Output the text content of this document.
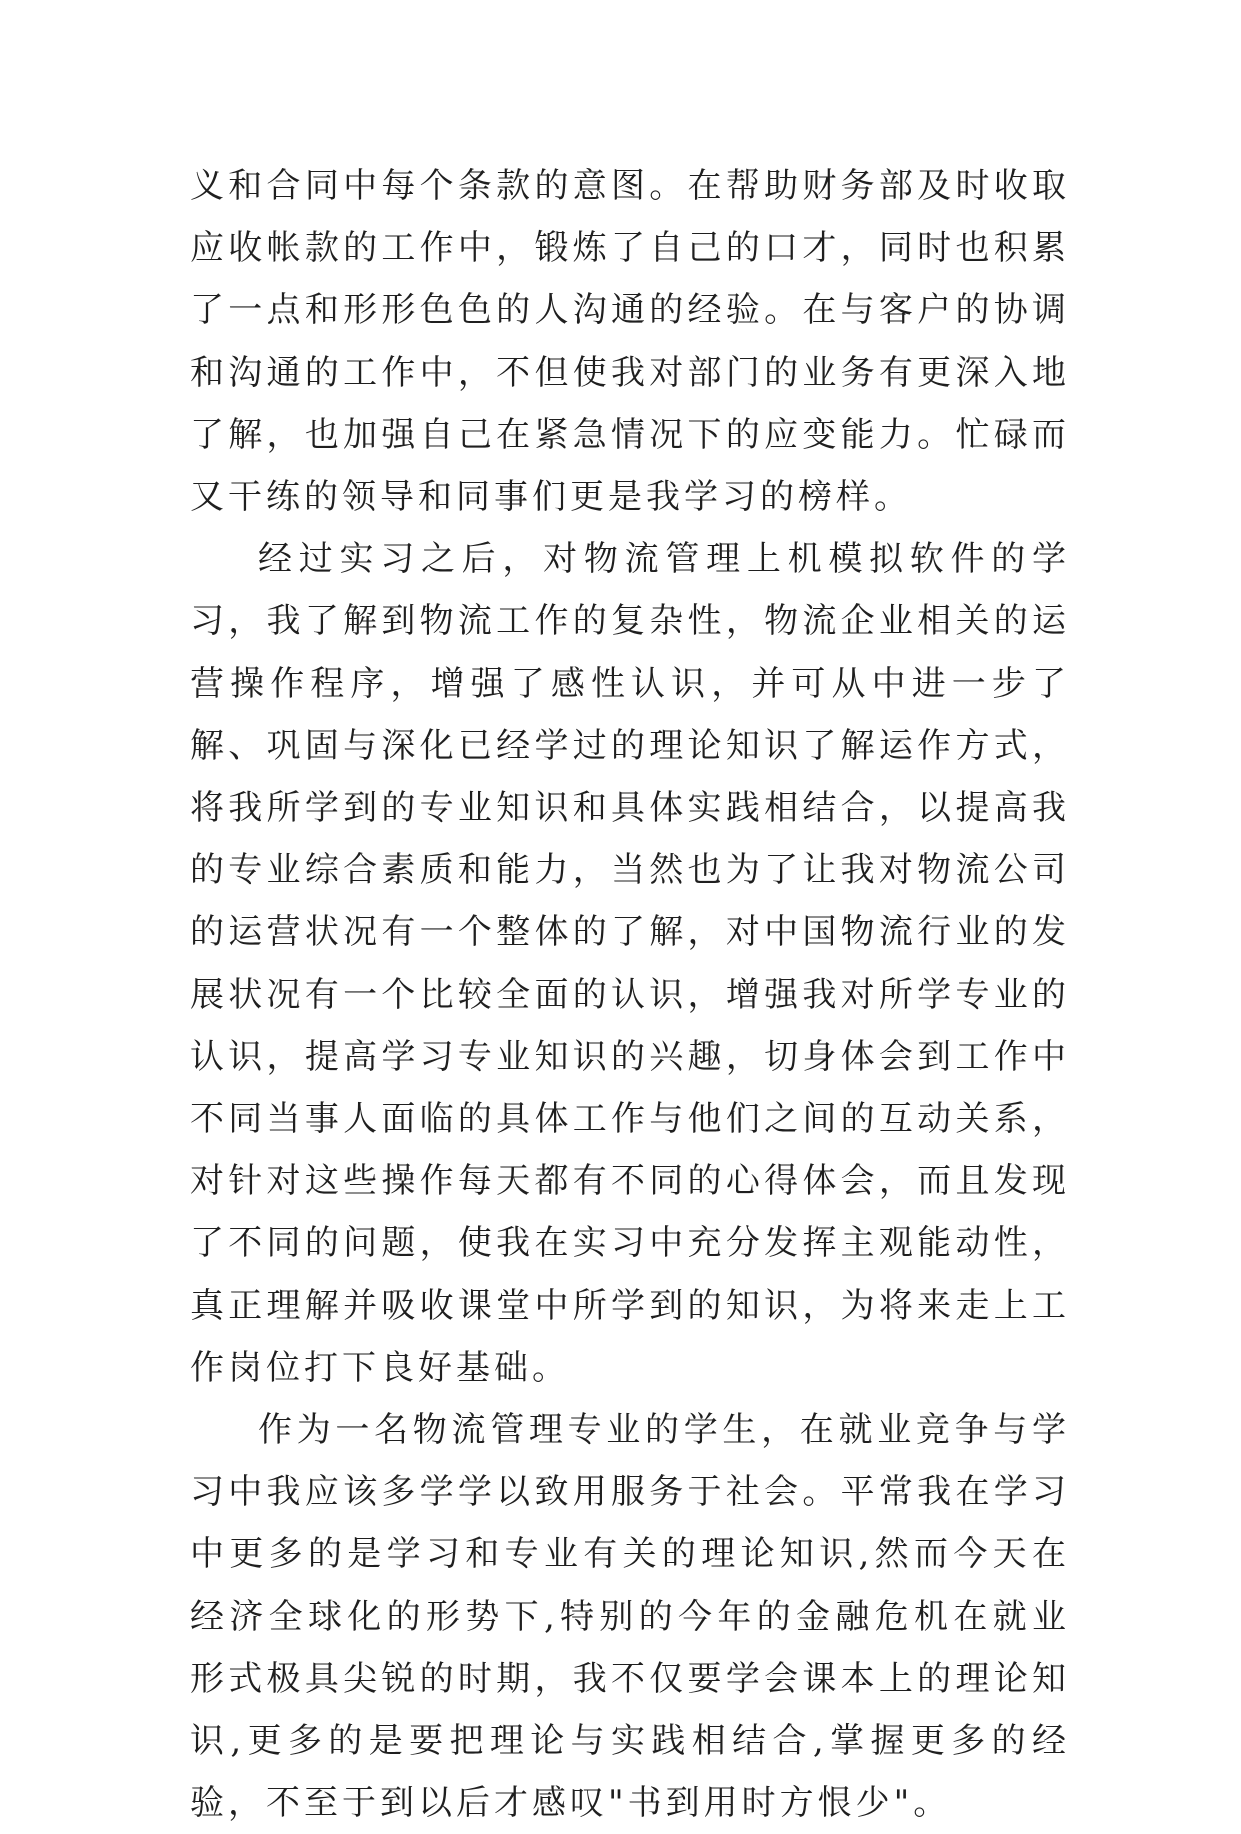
义和合同中每个条款的意图。在帮助财务部及时收取应收帐款的工作中，锻炼了自己的口才，同时也积累了一点和形形色色的人沟通的经验。在与客户的协调和沟通的工作中，不但使我对部门的业务有更深入地了解，也加强自己在紧急情况下的应变能力。忙碌而又干练的领导和同事们更是我学习的榜样。

经过实习之后，对物流管理上机模拟软件的学习，我了解到物流工作的复杂性，物流企业相关的运营操作程序，增强了感性认识，并可从中进一步了解、巩固与深化已经学过的理论知识了解运作方式，将我所学到的专业知识和具体实践相结合，以提高我的专业综合素质和能力，当然也为了让我对物流公司的运营状况有一个整体的了解，对中国物流行业的发展状况有一个比较全面的认识，增强我对所学专业的认识，提高学习专业知识的兴趣，切身体会到工作中不同当事人面临的具体工作与他们之间的互动关系，对针对这些操作每天都有不同的心得体会，而且发现了不同的问题，使我在实习中充分发挥主观能动性，真正理解并吸收课堂中所学到的知识，为将来走上工作岗位打下良好基础。

作为一名物流管理专业的学生，在就业竞争与学习中我应该多学学以致用服务于社会。平常我在学习中更多的是学习和专业有关的理论知识,然而今天在经济全球化的形势下,特别的今年的金融危机在就业形式极具尖锐的时期，我不仅要学会课本上的理论知识,更多的是要把理论与实践相结合,掌握更多的经验，不至于到以后才感叹"书到用时方恨少"。
